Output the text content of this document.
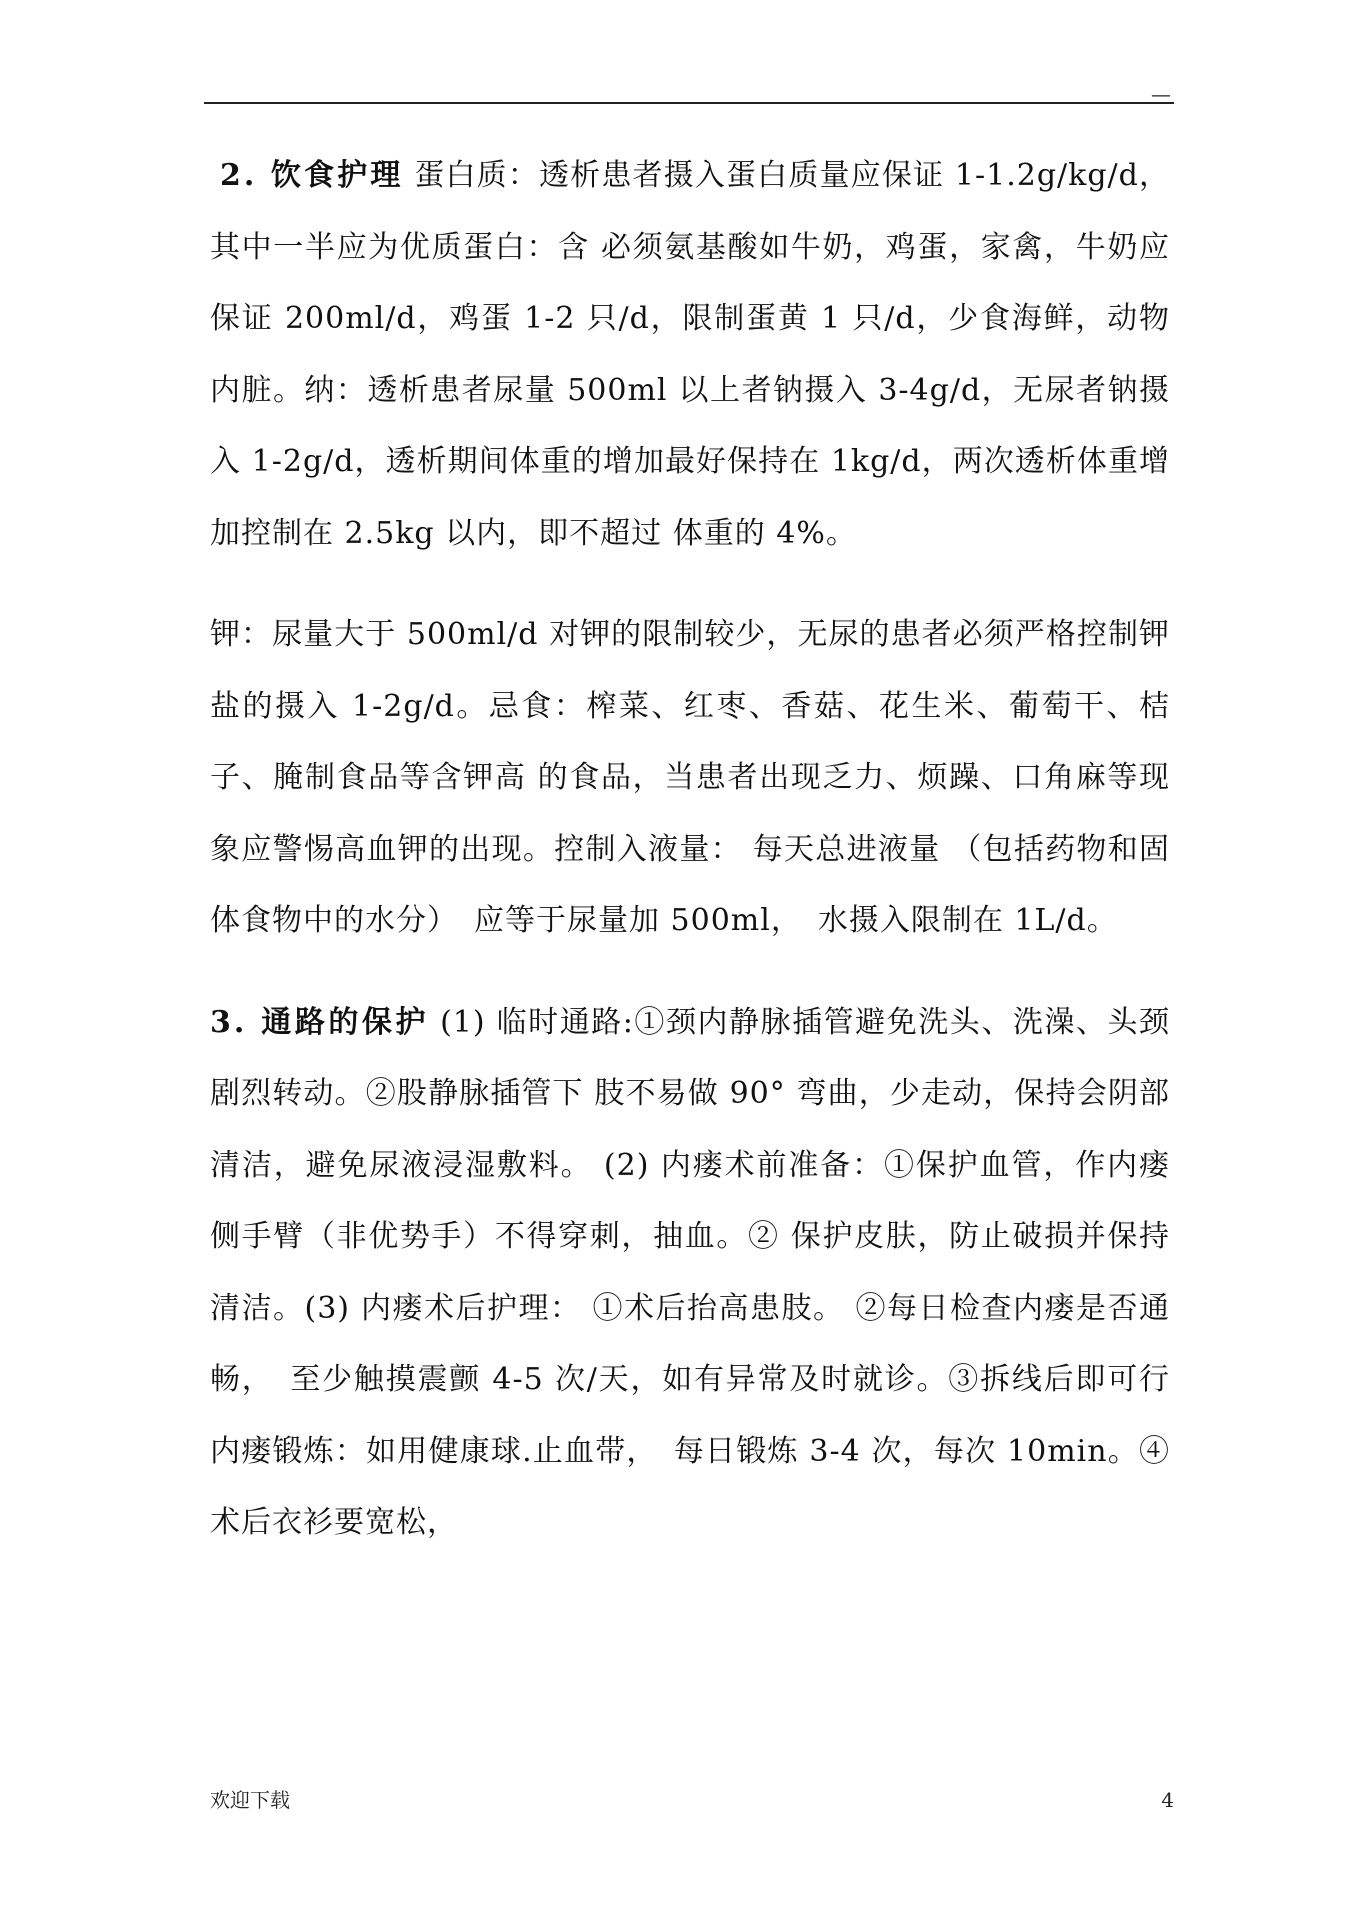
—

2. 饮食护理 蛋白质：透析患者摄入蛋白质量应保证 1-1.2g/kg/d，其中一半应为优质蛋白：含 必须氨基酸如牛奶，鸡蛋，家禽，牛奶应保证 200ml/d，鸡蛋 1-2 只/d，限制蛋黄 1 只/d，少食海鲜，动物内脏。纳：透析患者尿量 500ml 以上者钠摄入 3-4g/d，无尿者钠摄入 1-2g/d，透析期间体重的增加最好保持在 1kg/d，两次透析体重增加控制在 2.5kg 以内，即不超过 体重的 4%。

钾：尿量大于 500ml/d 对钾的限制较少，无尿的患者必须严格控制钾盐的摄入 1-2g/d。忌食：榨菜、红枣、香菇、花生米、葡萄干、桔子、腌制食品等含钾高 的食品，当患者出现乏力、烦躁、口角麻等现象应警惕高血钾的出现。控制入液量： 每天总进液量 （包括药物和固体食物中的水分）　应等于尿量加 500ml，　水摄入限制在 1L/d。

3. 通路的保护 (1) 临时通路:①颈内静脉插管避免洗头、洗澡、头颈剧烈转动。②股静脉插管下 肢不易做 90° 弯曲，少走动，保持会阴部清洁，避免尿液浸湿敷料。 (2) 内瘘术前准备：①保护血管，作内瘘侧手臂（非优势手）不得穿刺，抽血。② 保护皮肤，防止破损并保持清洁。(3) 内瘘术后护理： ①术后抬高患肢。 ②每日检查内瘘是否通畅，　至少触摸震颤 4-5 次/天，如有异常及时就诊。③拆线后即可行内瘘锻炼：如用健康球.止血带，　每日锻炼 3-4 次，每次 10min。④术后衣衫要宽松，

欢迎下载	4
